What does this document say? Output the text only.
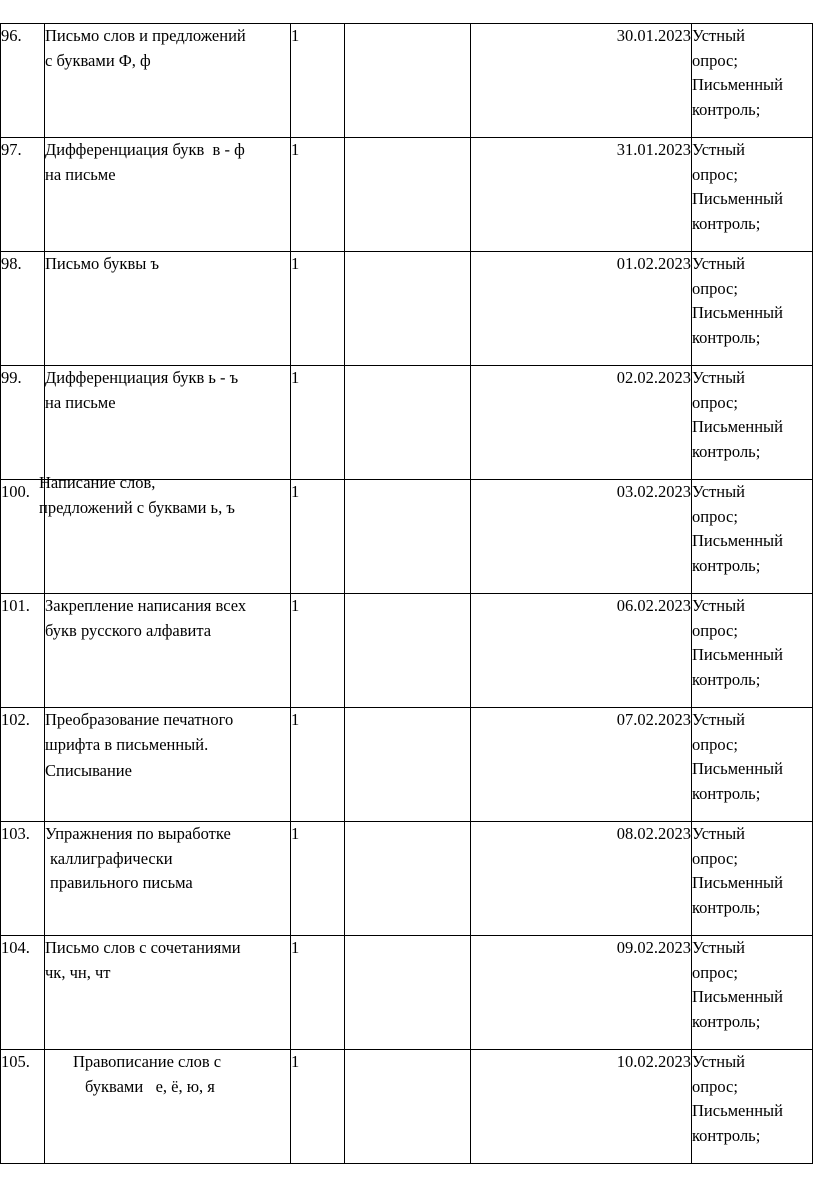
96.	Письмо слов и предложений
с буквами Ф, ф	1		30.01.2023	Устный
опрос;
Письменный
контроль;

97.	Дифференциация букв  в - ф
на письме	1		31.01.2023	Устный
опрос;
Письменный
контроль;

98.	Письмо буквы ъ	1		01.02.2023	Устный
опрос;
Письменный
контроль;

99.	Дифференциация букв ь - ъ
на письме	1		02.02.2023	Устный
опрос;
Письменный
контроль;

100.	Написание слов,
предложений с буквами ь, ъ	1		03.02.2023	Устный
опрос;
Письменный
контроль;

101.	Закрепление написания всех
букв русского алфавита	1		06.02.2023	Устный
опрос;
Письменный
контроль;

102.	Преобразование печатного
шрифта в письменный.
Списывание	1		07.02.2023	Устный
опрос;
Письменный
контроль;

103.	Упражнения по выработке
каллиграфически
правильного письма	1		08.02.2023	Устный
опрос;
Письменный
контроль;

104.	Письмо слов с сочетаниями
чк, чн, чт	1		09.02.2023	Устный
опрос;
Письменный
контроль;

105.	Правописание слов с
буквами   е, ё, ю, я	1		10.02.2023	Устный
опрос;
Письменный
контроль;
